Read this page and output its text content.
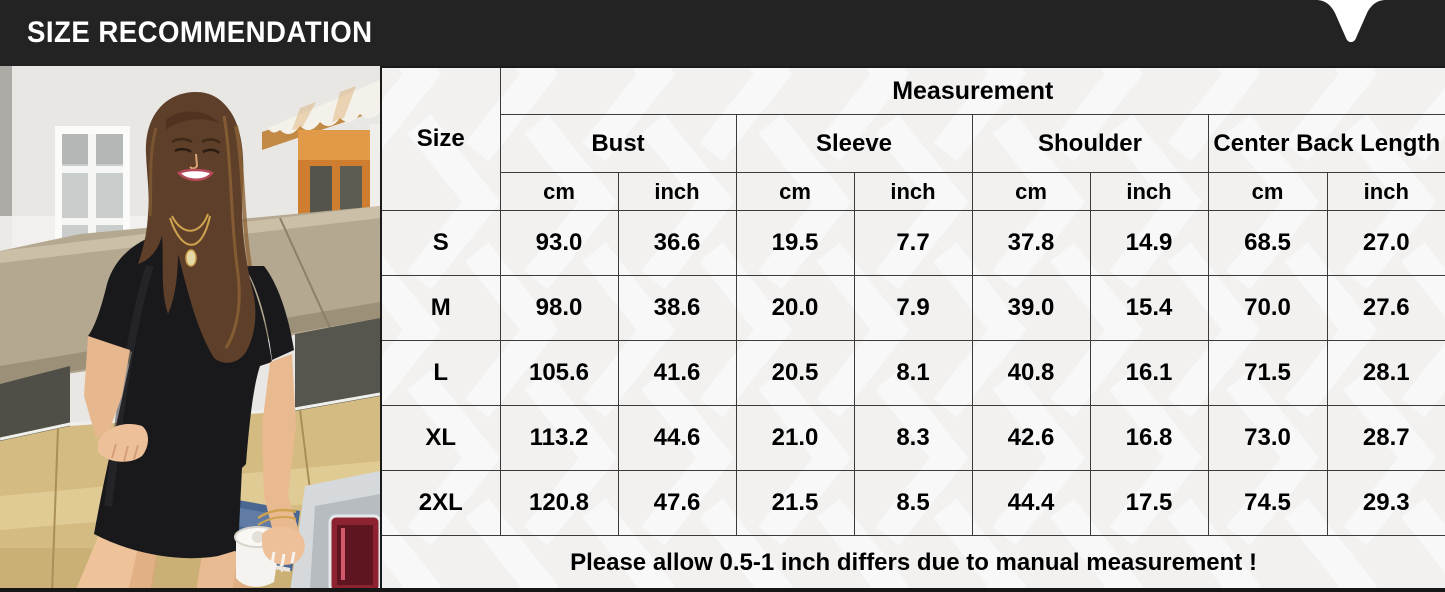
SIZE RECOMMENDATION
Size	Measurement							
	Bust		Sleeve		Shoulder		Center Back Length	
	cm	inch	cm	inch	cm	inch	cm	inch
S	93.0	36.6	19.5	7.7	37.8	14.9	68.5	27.0
M	98.0	38.6	20.0	7.9	39.0	15.4	70.0	27.6
L	105.6	41.6	20.5	8.1	40.8	16.1	71.5	28.1
XL	113.2	44.6	21.0	8.3	42.6	16.8	73.0	28.7
2XL	120.8	47.6	21.5	8.5	44.4	17.5	74.5	29.3
Please allow 0.5-1 inch differs due to manual measurement !								
